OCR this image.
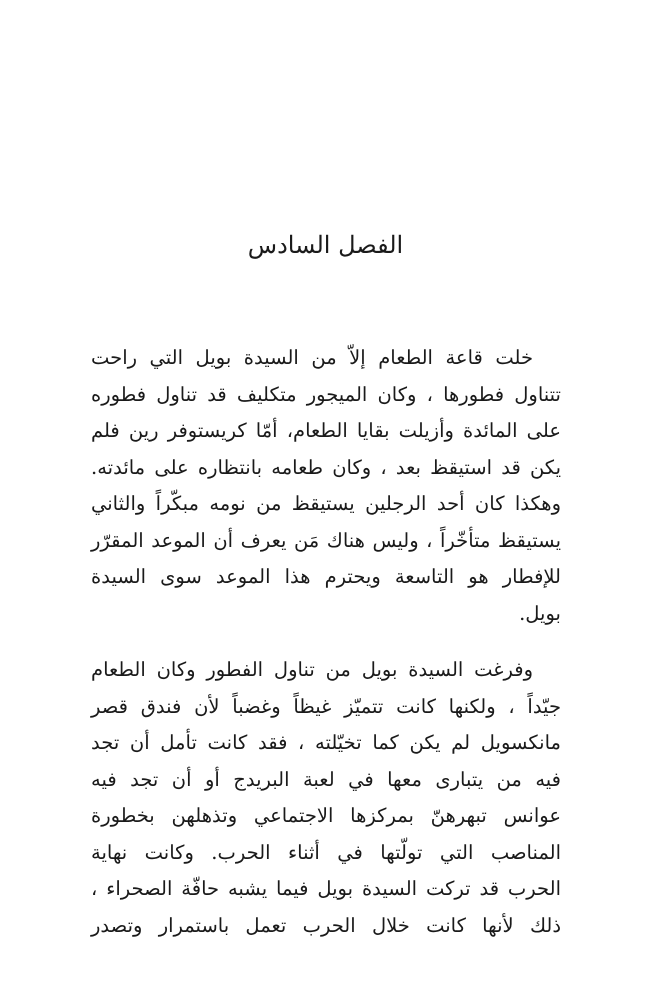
الفصل السادس

خلت قاعة الطعام إلاّ من السيدة بويل التي راحت
تتناول فطورها ، وكان الميجور متكليف قد تناول فطوره
على المائدة وأزيلت بقايا الطعام، أمّا كريستوفر رين فلم
يكن قد استيقظ بعد ، وكان طعامه بانتظاره على مائدته.
وهكذا كان أحد الرجلين يستيقظ من نومه مبكّراً والثاني
يستيقظ متأخّراً ، وليس هناك مَن يعرف أن الموعد المقرّر
للإفطار هو التاسعة ويحترم هذا الموعد سوى السيدة
بويل.

وفرغت السيدة بويل من تناول الفطور وكان الطعام
جيّداً ، ولكنها كانت تتميّز غيظاً وغضباً لأن فندق قصر
مانكسويل لم يكن كما تخيّلته ، فقد كانت تأمل أن تجد
فيه من يتبارى معها في لعبة البريدج أو أن تجد فيه
عوانس تبهرهنّ بمركزها الاجتماعي وتذهلهن بخطورة
المناصب التي تولّتها في أثناء الحرب. وكانت نهاية
الحرب قد تركت السيدة بويل فيما يشبه حافّة الصحراء ،
ذلك لأنها كانت خلال الحرب تعمل باستمرار وتصدر
